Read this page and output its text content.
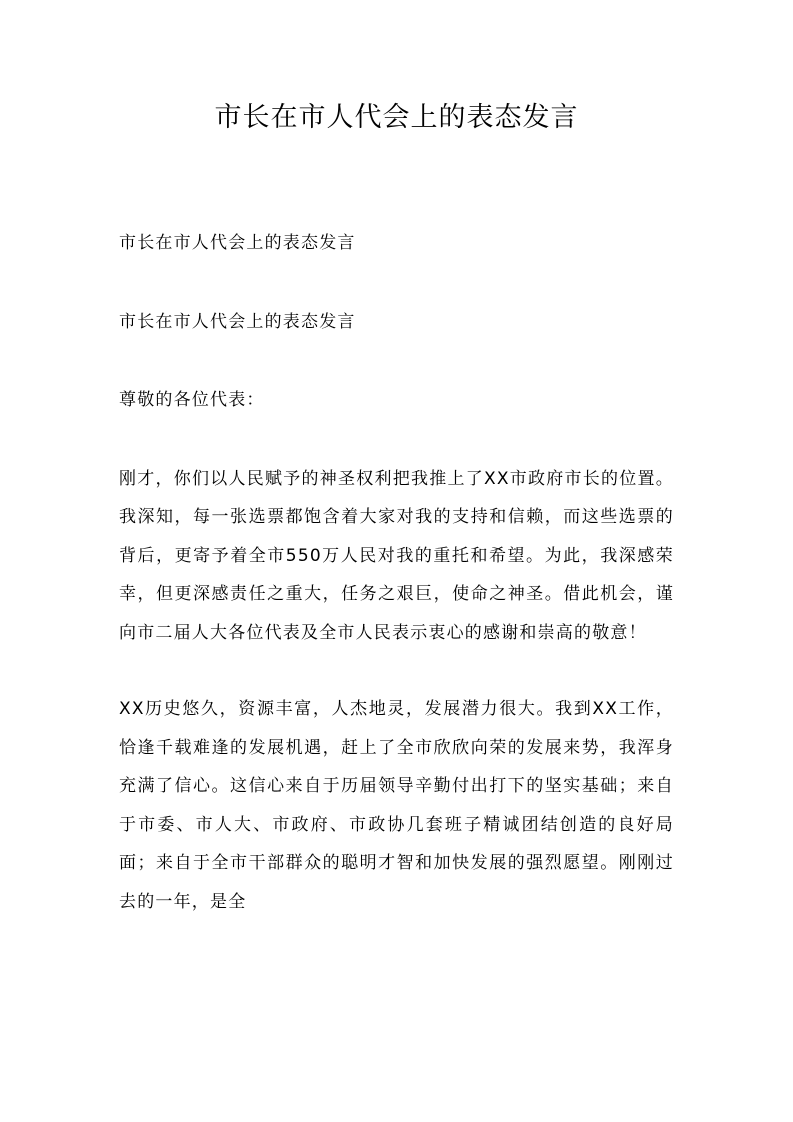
市长在市人代会上的表态发言

市长在市人代会上的表态发言

市长在市人代会上的表态发言

尊敬的各位代表：

刚才，你们以人民赋予的神圣权利把我推上了XX市政府市长的位置。我深知，每一张选票都饱含着大家对我的支持和信赖，而这些选票的背后，更寄予着全市550万人民对我的重托和希望。为此，我深感荣幸，但更深感责任之重大，任务之艰巨，使命之神圣。借此机会，谨向市二届人大各位代表及全市人民表示衷心的感谢和崇高的敬意！

XX历史悠久，资源丰富，人杰地灵，发展潜力很大。我到XX工作，恰逢千载难逢的发展机遇，赶上了全市欣欣向荣的发展来势，我浑身充满了信心。这信心来自于历届领导辛勤付出打下的坚实基础；来自于市委、市人大、市政府、市政协几套班子精诚团结创造的良好局面；来自于全市干部群众的聪明才智和加快发展的强烈愿望。刚刚过去的一年，是全
